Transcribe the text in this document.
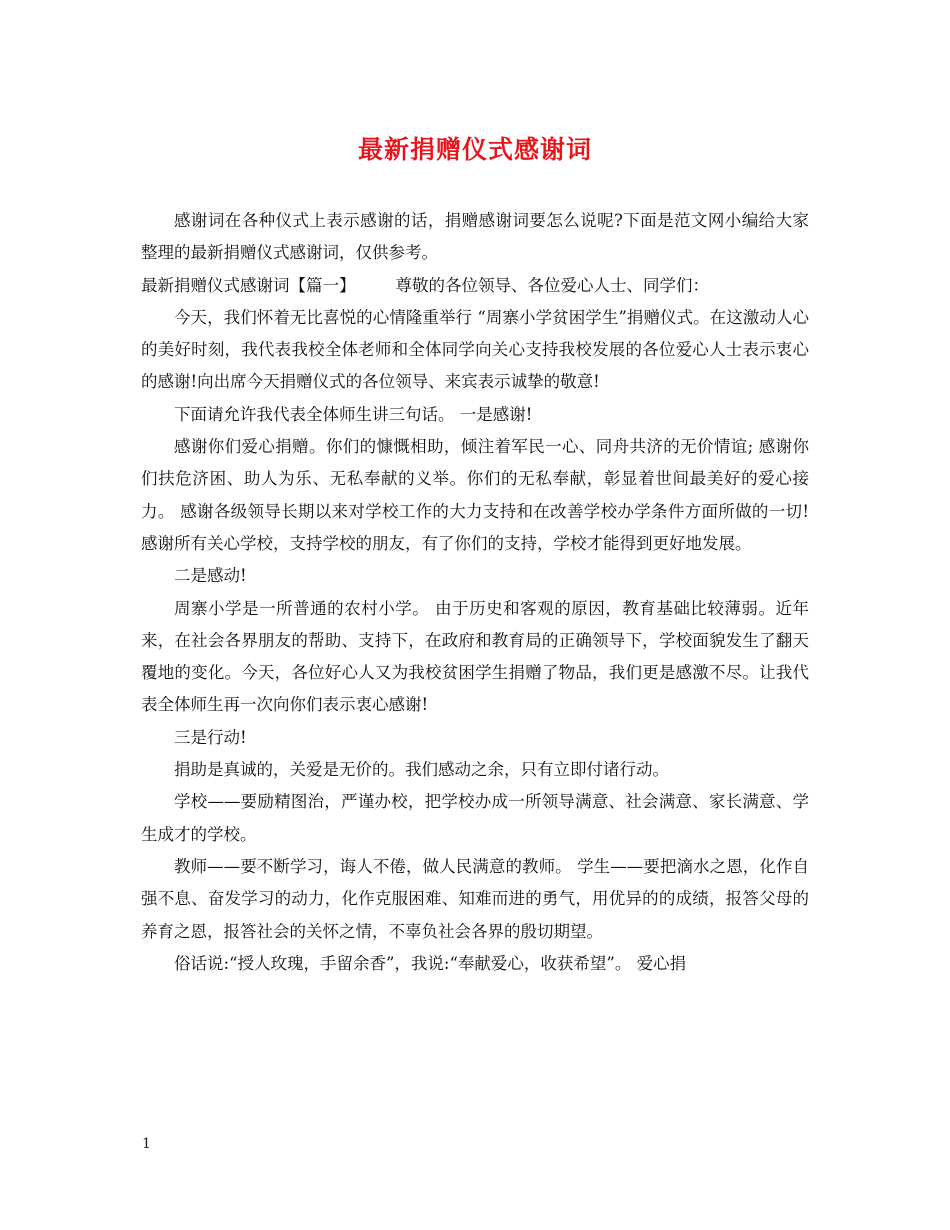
最新捐赠仪式感谢词

感谢词在各种仪式上表示感谢的话，捐赠感谢词要怎么说呢?下面是范文网小编给大家整理的最新捐赠仪式感谢词，仅供参考。

最新捐赠仪式感谢词【篇一】 尊敬的各位领导、各位爱心人士、同学们：

今天，我们怀着无比喜悦的心情隆重举行 “周寨小学贫困学生”捐赠仪式。在这激动人心的美好时刻，我代表我校全体老师和全体同学向关心支持我校发展的各位爱心人士表示衷心的感谢!向出席今天捐赠仪式的各位领导、来宾表示诚挚的敬意!

下面请允许我代表全体师生讲三句话。 一是感谢!

感谢你们爱心捐赠。你们的慷慨相助，倾注着军民一心、同舟共济的无价情谊; 感谢你们扶危济困、助人为乐、无私奉献的义举。你们的无私奉献，彰显着世间最美好的爱心接力。 感谢各级领导长期以来对学校工作的大力支持和在改善学校办学条件方面所做的一切! 感谢所有关心学校，支持学校的朋友，有了你们的支持，学校才能得到更好地发展。

二是感动!

周寨小学是一所普通的农村小学。 由于历史和客观的原因，教育基础比较薄弱。近年来，在社会各界朋友的帮助、支持下，在政府和教育局的正确领导下，学校面貌发生了翻天覆地的变化。今天，各位好心人又为我校贫困学生捐赠了物品，我们更是感激不尽。让我代表全体师生再一次向你们表示衷心感谢!

三是行动!

捐助是真诚的，关爱是无价的。我们感动之余，只有立即付诸行动。

学校——要励精图治，严谨办校，把学校办成一所领导满意、社会满意、家长满意、学生成才的学校。

教师——要不断学习，诲人不倦，做人民满意的教师。 学生——要把滴水之恩，化作自强不息、奋发学习的动力，化作克服困难、知难而进的勇气，用优异的的成绩，报答父母的养育之恩，报答社会的关怀之情，不辜负社会各界的殷切期望。

俗话说:“授人玫瑰，手留余香”，我说:“奉献爱心，收获希望”。 爱心捐

1
